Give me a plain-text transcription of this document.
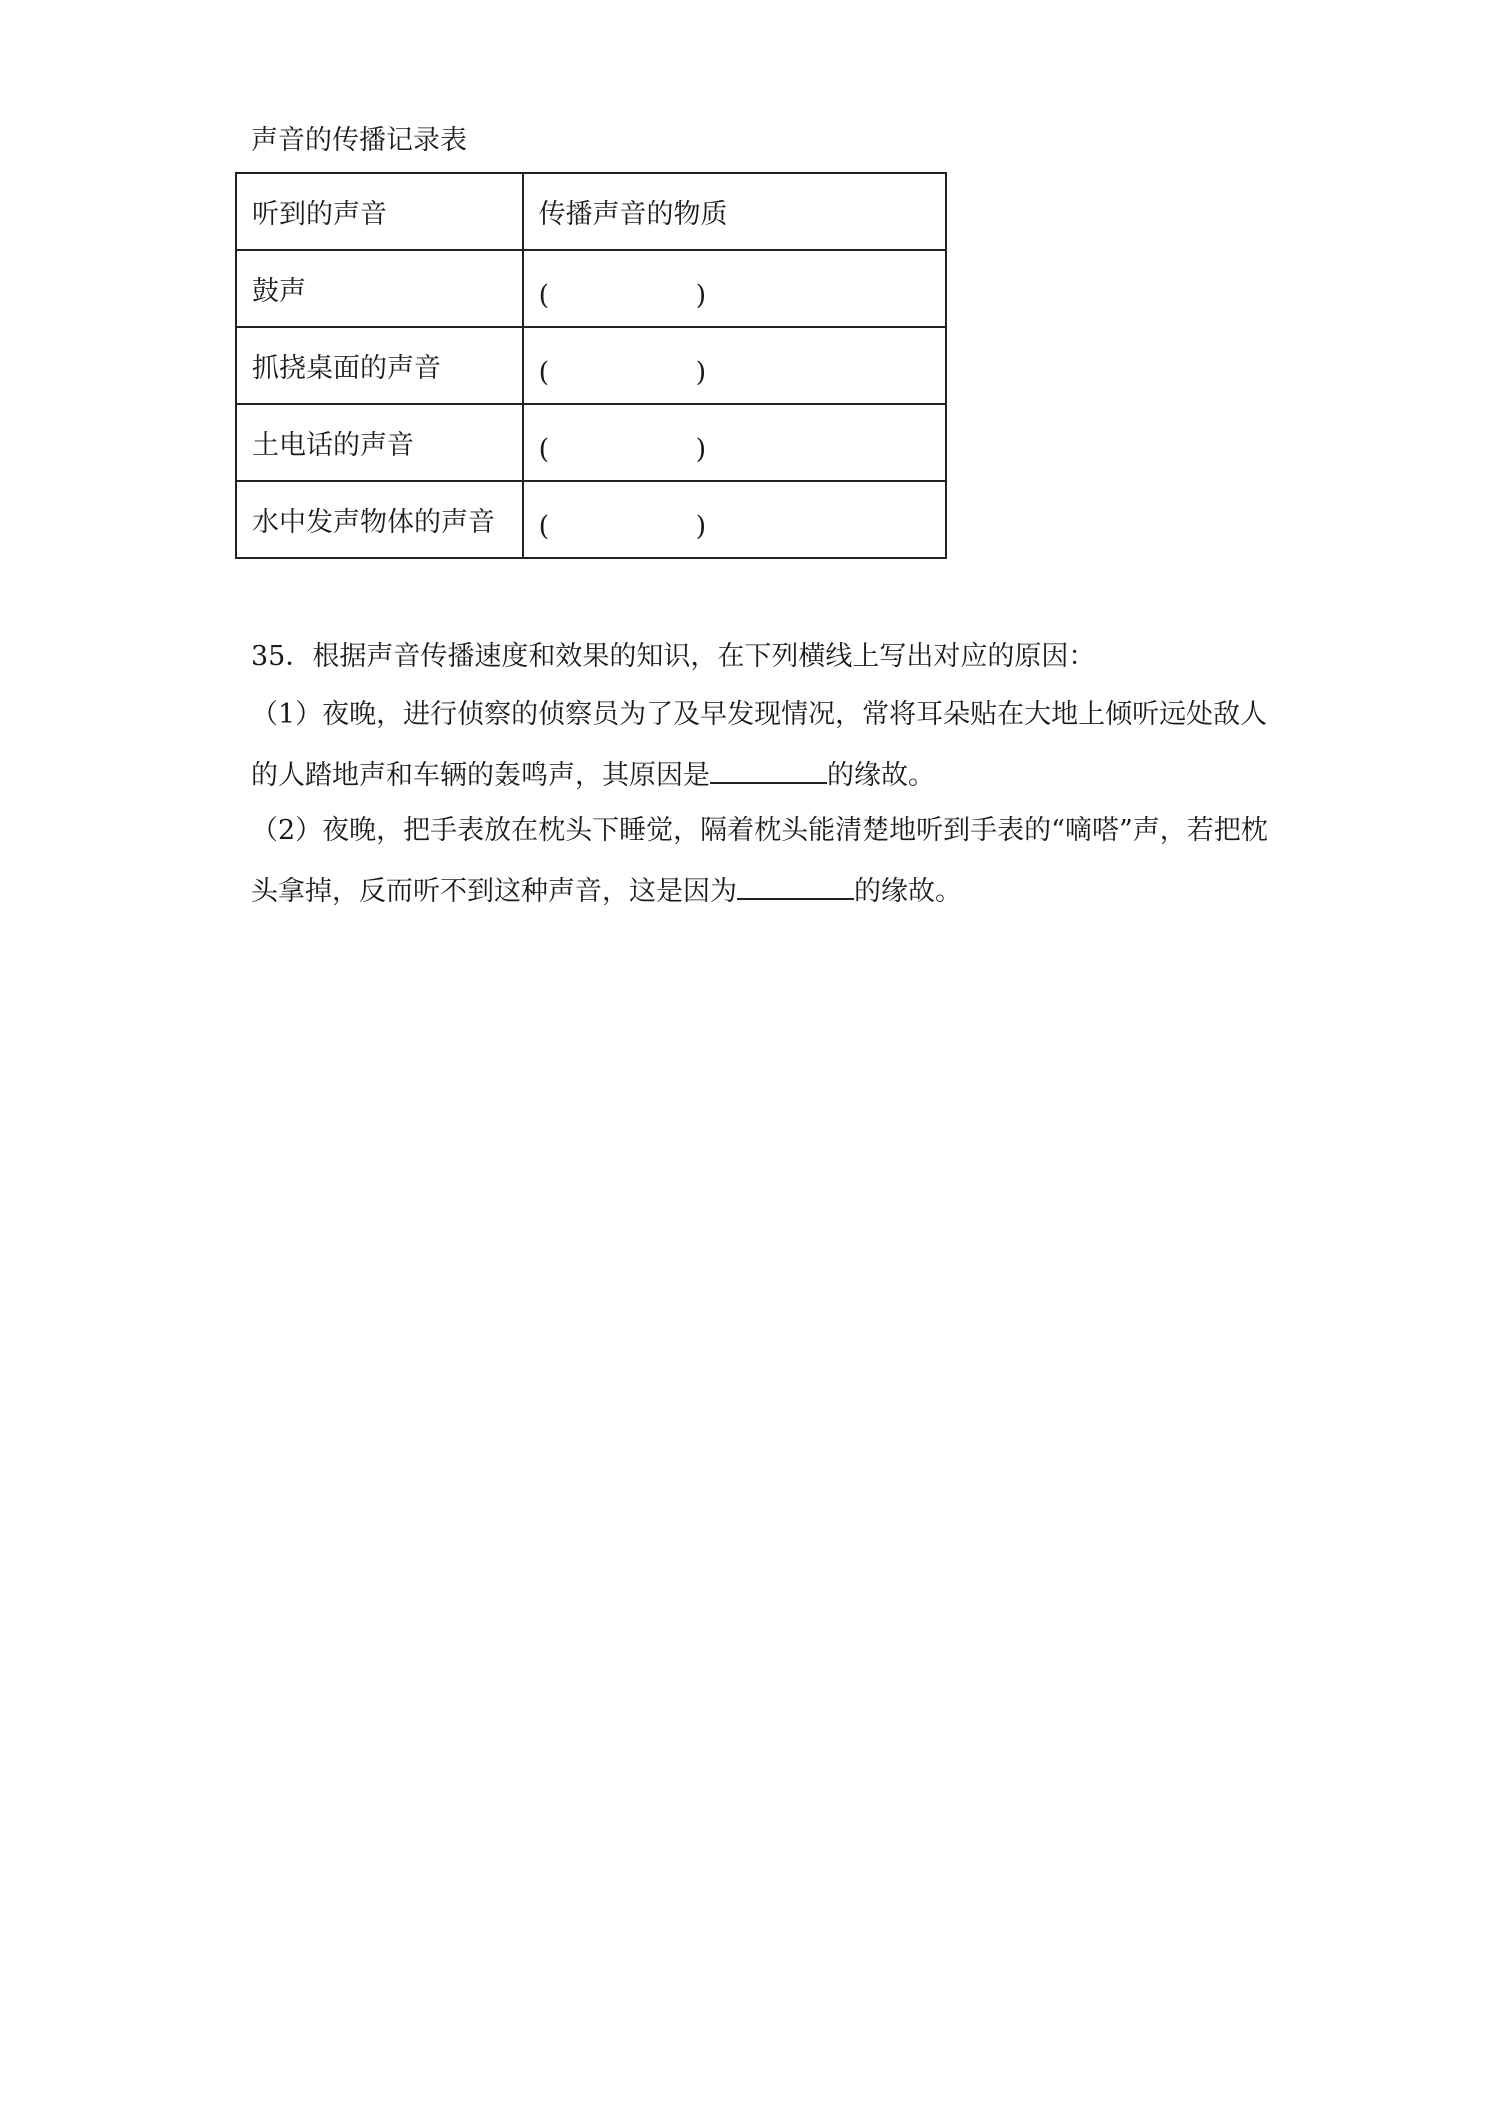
声音的传播记录表
听到的声音	传播声音的物质
鼓声	( )

抓挠桌面的声音	( )

土电话的声音	( )

水中发声物体的声音	( )
35．根据声音传播速度和效果的知识，在下列横线上写出对应的原因：
（1）夜晚，进行侦察的侦察员为了及早发现情况，常将耳朵贴在大地上倾听远处敌人
的人踏地声和车辆的轰鸣声，其原因是	的缘故。
（2）夜晚，把手表放在枕头下睡觉，隔着枕头能清楚地听到手表的“嘀嗒”声，若把枕
头拿掉，反而听不到这种声音，这是因为	的缘故。
